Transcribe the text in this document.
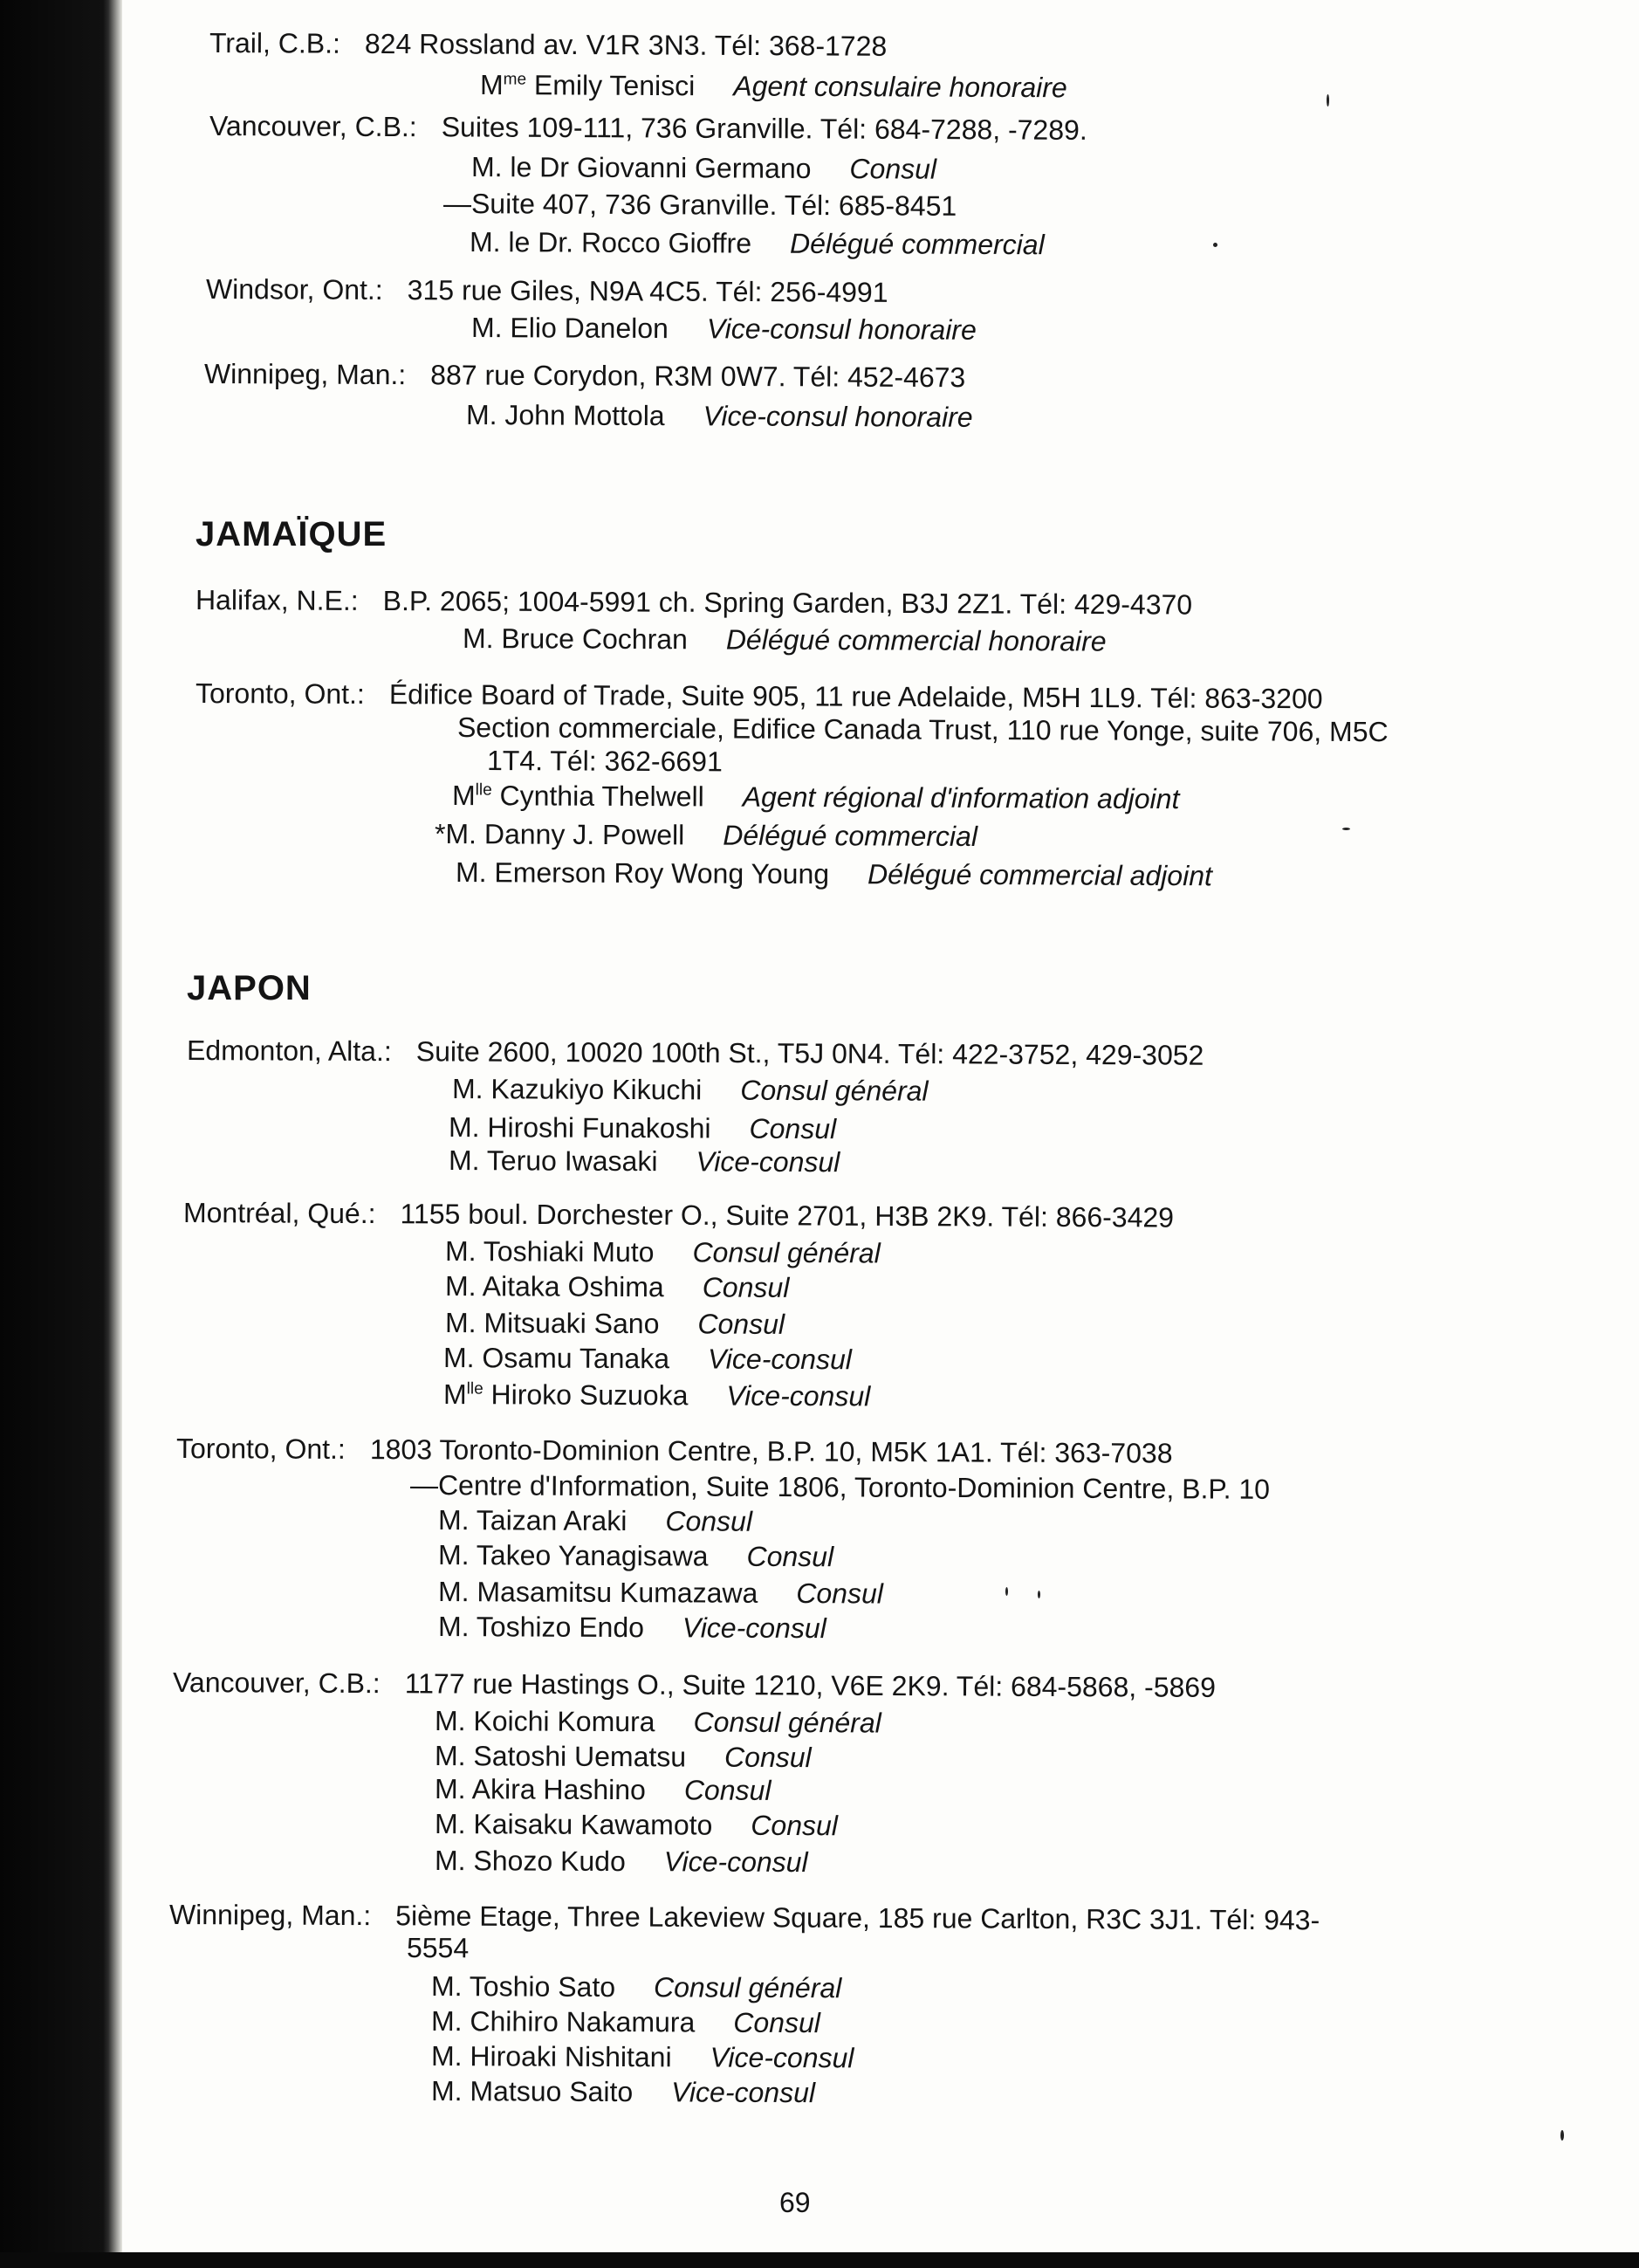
Trail, C.B.: 824 Rossland av. V1R 3N3. Tél: 368-1728
$M^{me}$ Emily Tenisci Agent consulaire honoraire
Vancouver, C.B.: Suites 109-111, 736 Granville. Tél: 684-7288, -7289.
M. le Dr Giovanni Germano Consul
—Suite 407, 736 Granville. Tél: 685-8451
M. le Dr. Rocco Gioffre Délégué commercial
Windsor, Ont.: 315 rue Giles, N9A 4C5. Tél: 256-4991
M. Elio Danelon Vice-consul honoraire
Winnipeg, Man.: 887 rue Corydon, R3M 0W7. Tél: 452-4673
M. John Mottola Vice-consul honoraire
JAMAÏQUE
Halifax, N.E.: B.P. 2065; 1004-5991 ch. Spring Garden, B3J 2Z1. Tél: 429-4370
M. Bruce Cochran Délégué commercial honoraire
Toronto, Ont.: Édifice Board of Trade, Suite 905, 11 rue Adelaide, M5H 1L9. Tél: 863-3200
Section commerciale, Edifice Canada Trust, 110 rue Yonge, suite 706, M5C
1T4. Tél: 362-6691
$M^{lle}$ Cynthia Thelwell Agent régional d'information adjoint
*M. Danny J. Powell Délégué commercial
M. Emerson Roy Wong Young Délégué commercial adjoint
JAPON
Edmonton, Alta.: Suite 2600, 10020 100th St., T5J 0N4. Tél: 422-3752, 429-3052
M. Kazukiyo Kikuchi Consul général
M. Hiroshi Funakoshi Consul
M. Teruo Iwasaki Vice-consul
Montréal, Qué.: 1155 boul. Dorchester O., Suite 2701, H3B 2K9. Tél: 866-3429
M. Toshiaki Muto Consul général
M. Aitaka Oshima Consul
M. Mitsuaki Sano Consul
M. Osamu Tanaka Vice-consul
$M^{lle}$ Hiroko Suzuoka Vice-consul
Toronto, Ont.: 1803 Toronto-Dominion Centre, B.P. 10, M5K 1A1. Tél: 363-7038
—Centre d'Information, Suite 1806, Toronto-Dominion Centre, B.P. 10
M. Taizan Araki Consul
M. Takeo Yanagisawa Consul
M. Masamitsu Kumazawa Consul
M. Toshizo Endo Vice-consul
Vancouver, C.B.: 1177 rue Hastings O., Suite 1210, V6E 2K9. Tél: 684-5868, -5869
M. Koichi Komura Consul général
M. Satoshi Uematsu Consul
M. Akira Hashino Consul
M. Kaisaku Kawamoto Consul
M. Shozo Kudo Vice-consul
Winnipeg, Man.: 5ième Etage, Three Lakeview Square, 185 rue Carlton, R3C 3J1. Tél: 943-
5554
M. Toshio Sato Consul général
M. Chihiro Nakamura Consul
M. Hiroaki Nishitani Vice-consul
M. Matsuo Saito Vice-consul
69
